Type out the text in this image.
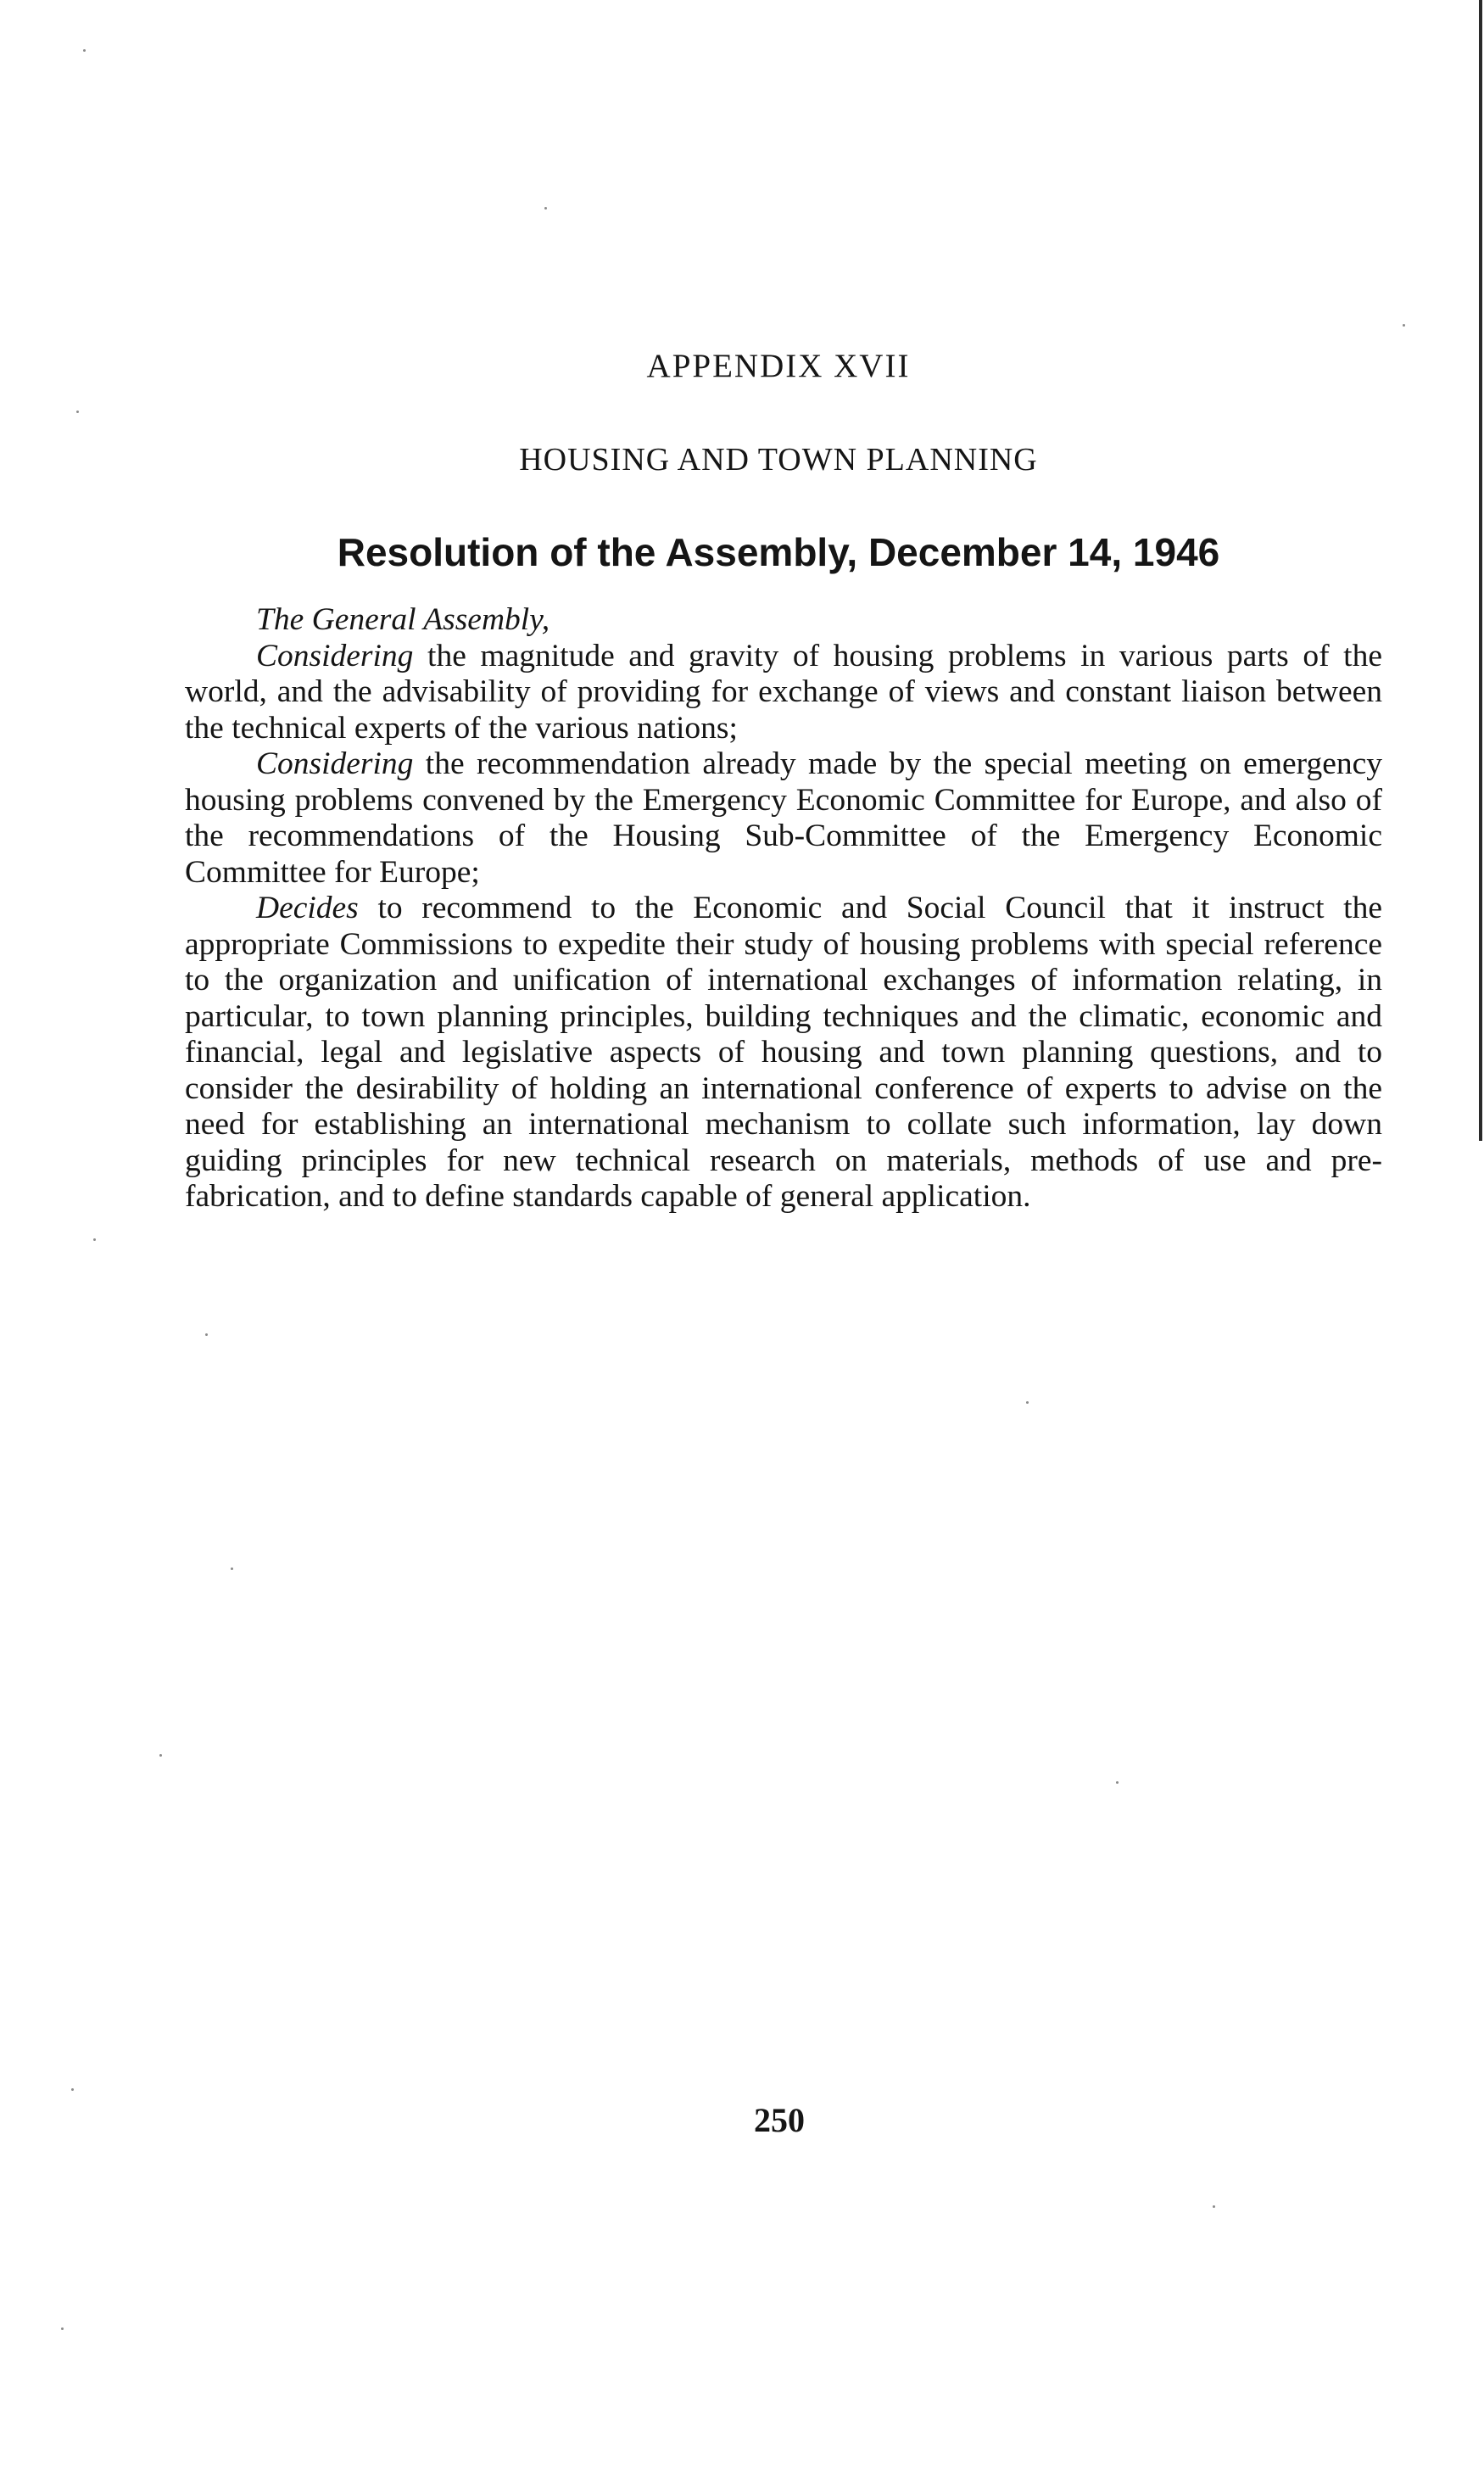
APPENDIX XVII
HOUSING AND TOWN PLANNING
Resolution of the Assembly, December 14, 1946

The General Assembly,

Considering the magnitude and gravity of housing problems in various parts of the world, and the advisability of providing for exchange of views and constant liaison between the technical experts of the various nations;

Considering the recommendation already made by the special meeting on emergency housing problems convened by the Emergency Economic Committee for Europe, and also of the recommendations of the Housing Sub-Committee of the Emergency Economic Committee for Europe;

Decides to recommend to the Economic and Social Council that it instruct the appropriate Commissions to expedite their study of housing problems with special reference to the organization and unification of international exchanges of information relating, in particular, to town planning principles, building techniques and the climatic, economic and financial, legal and legislative aspects of housing and town planning questions, and to consider the desirability of holding an international conference of experts to advise on the need for establishing an international mechanism to collate such information, lay down guiding principles for new technical research on materials, methods of use and pre-fabrication, and to define standards capable of general application.

250
